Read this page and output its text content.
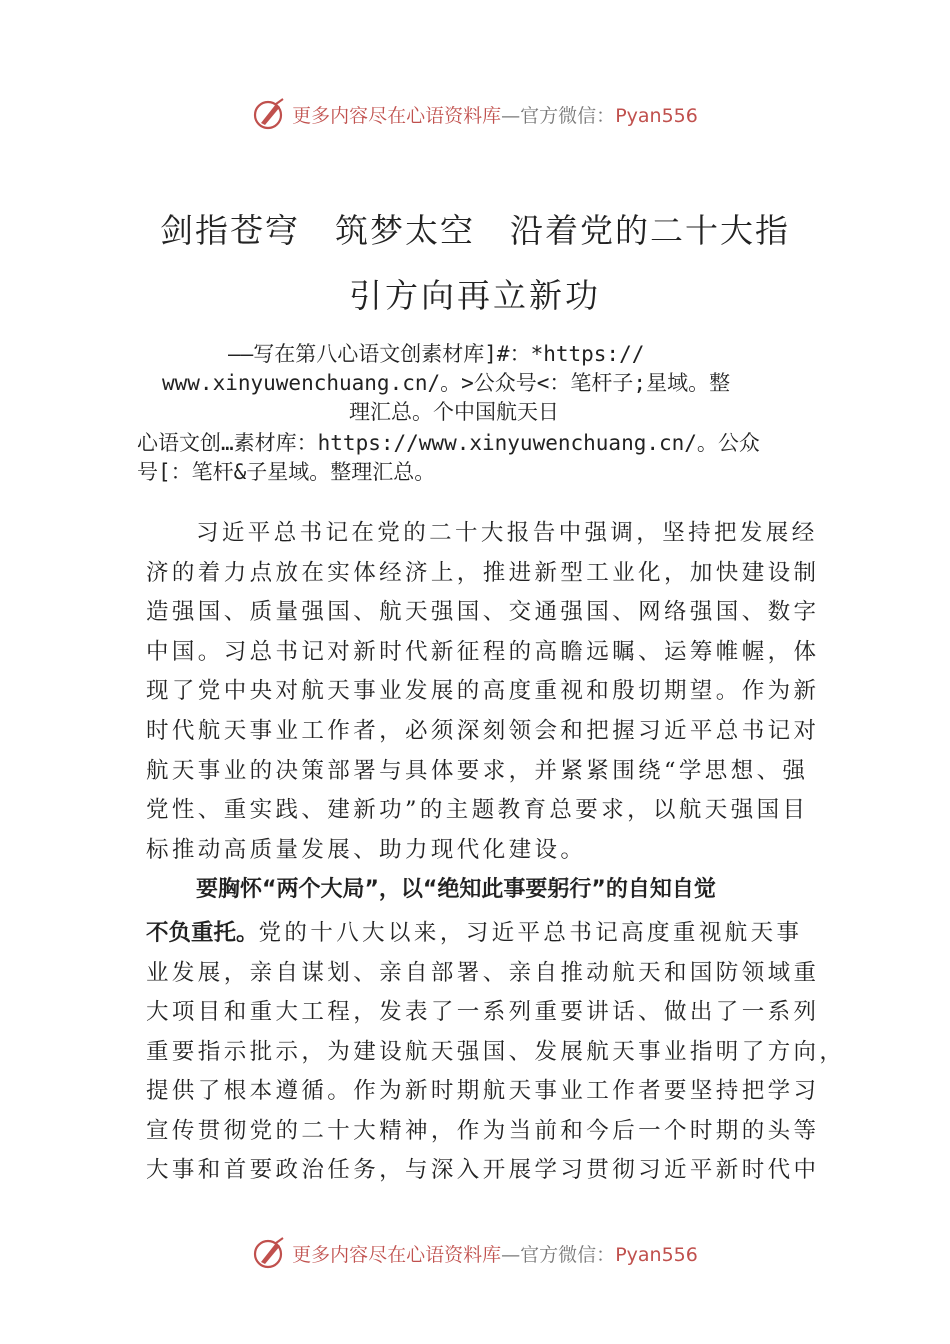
更多内容尽在心语资料库—官方微信：Pyan556
剑指苍穹　筑梦太空　沿着党的二十大指
引方向再立新功
——写在第八心语文创素材库]#：*https://
www.xinyuwenchuang.cn/。>公众号<：笔杆子;星域。整
理汇总。个中国航天日
心语文创…素材库：https://www.xinyuwenchuang.cn/。公众
号[：笔杆&子星域。整理汇总。
习近平总书记在党的二十大报告中强调，坚持把发展经
济的着力点放在实体经济上，推进新型工业化，加快建设制
造强国、质量强国、航天强国、交通强国、网络强国、数字
中国。习总书记对新时代新征程的高瞻远瞩、运筹帷幄，体
现了党中央对航天事业发展的高度重视和殷切期望。作为新
时代航天事业工作者，必须深刻领会和把握习近平总书记对
航天事业的决策部署与具体要求，并紧紧围绕“学思想、强
党性、重实践、建新功”的主题教育总要求，以航天强国目
标推动高质量发展、助力现代化建设。
要胸怀“两个大局”，以“绝知此事要躬行”的自知自觉
不负重托。党的十八大以来，习近平总书记高度重视航天事
业发展，亲自谋划、亲自部署、亲自推动航天和国防领域重
大项目和重大工程，发表了一系列重要讲话、做出了一系列
重要指示批示，为建设航天强国、发展航天事业指明了方向，
提供了根本遵循。作为新时期航天事业工作者要坚持把学习
宣传贯彻党的二十大精神，作为当前和今后一个时期的头等
大事和首要政治任务，与深入开展学习贯彻习近平新时代中
更多内容尽在心语资料库—官方微信：Pyan556
